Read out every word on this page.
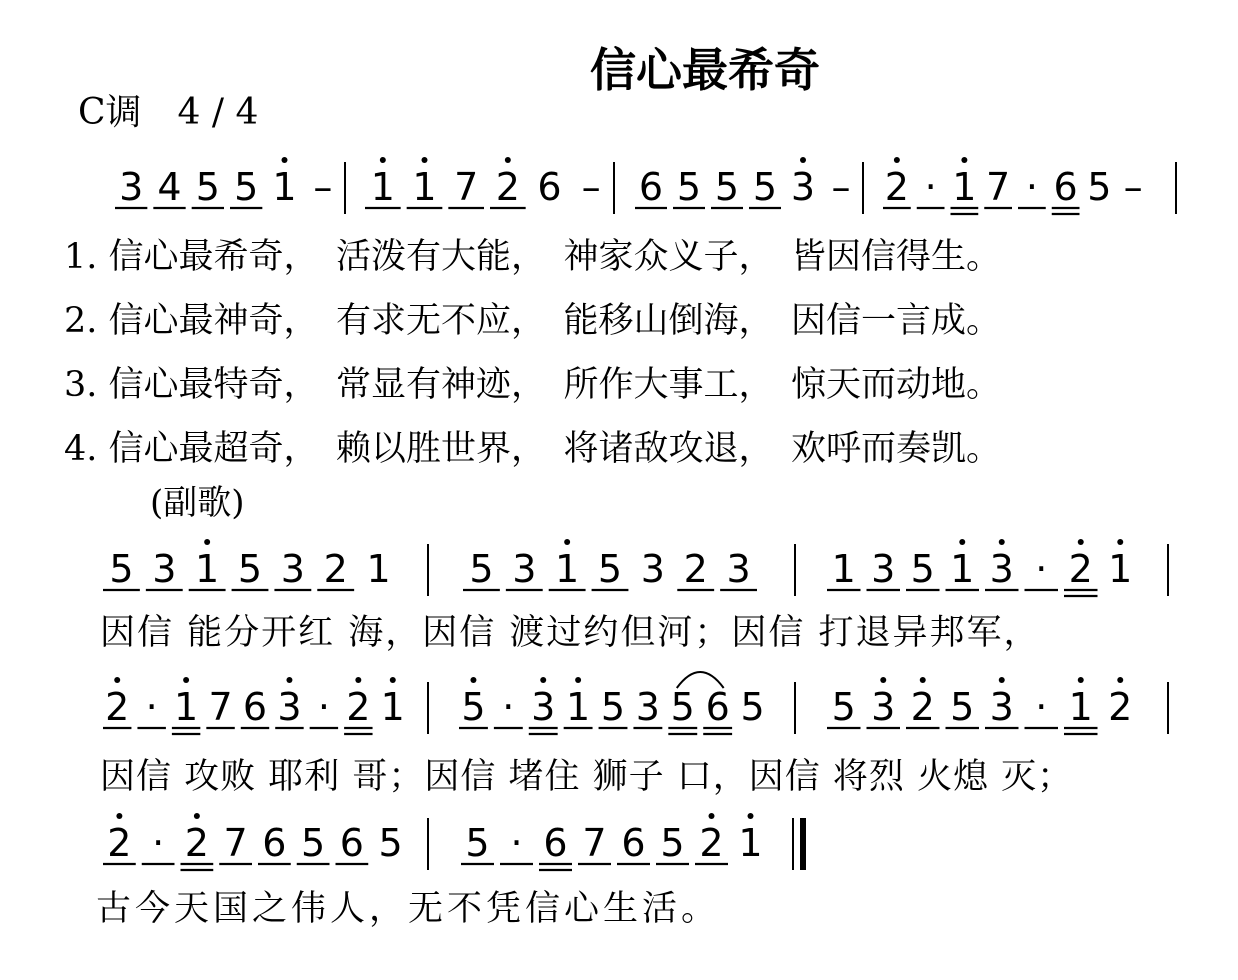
信心最希奇
C调　4 / 4
(副歌)
1. 信心最希奇，　活泼有大能，　神家众义子，　皆因信得生。
2. 信心最神奇，　有求无不应，　能移山倒海，　因信一言成。
3. 信心最特奇，　常显有神迹，　所作大事工，　惊天而动地。
4. 信心最超奇，　赖以胜世界，　将诸敌攻退，　欢呼而奏凯。
因信 能分开红 海，因信 渡过约但河；因信 打退异邦军，
因信 攻败 耶利 哥；因信 堵住 狮子 口，因信 将烈 火熄 灭；
古今天国之伟人，无不凭信心生活。
3 4 5 5 1 – 1 1 7 2 6 – 6 5 5 5 3 – 2 · 1 7 · 6 5 –
5 3 1 5 3 2 1 5 3 1 5 3 2 3 1 3 5 1 3 · 2 1
2 · 1 7 6 3 · 2 1 5 · 3 1 5 3 5 6 5 5 3 2 5 3 · 1 2
2 · 2 7 6 5 6 5 5 · 6 7 6 5 2 1
